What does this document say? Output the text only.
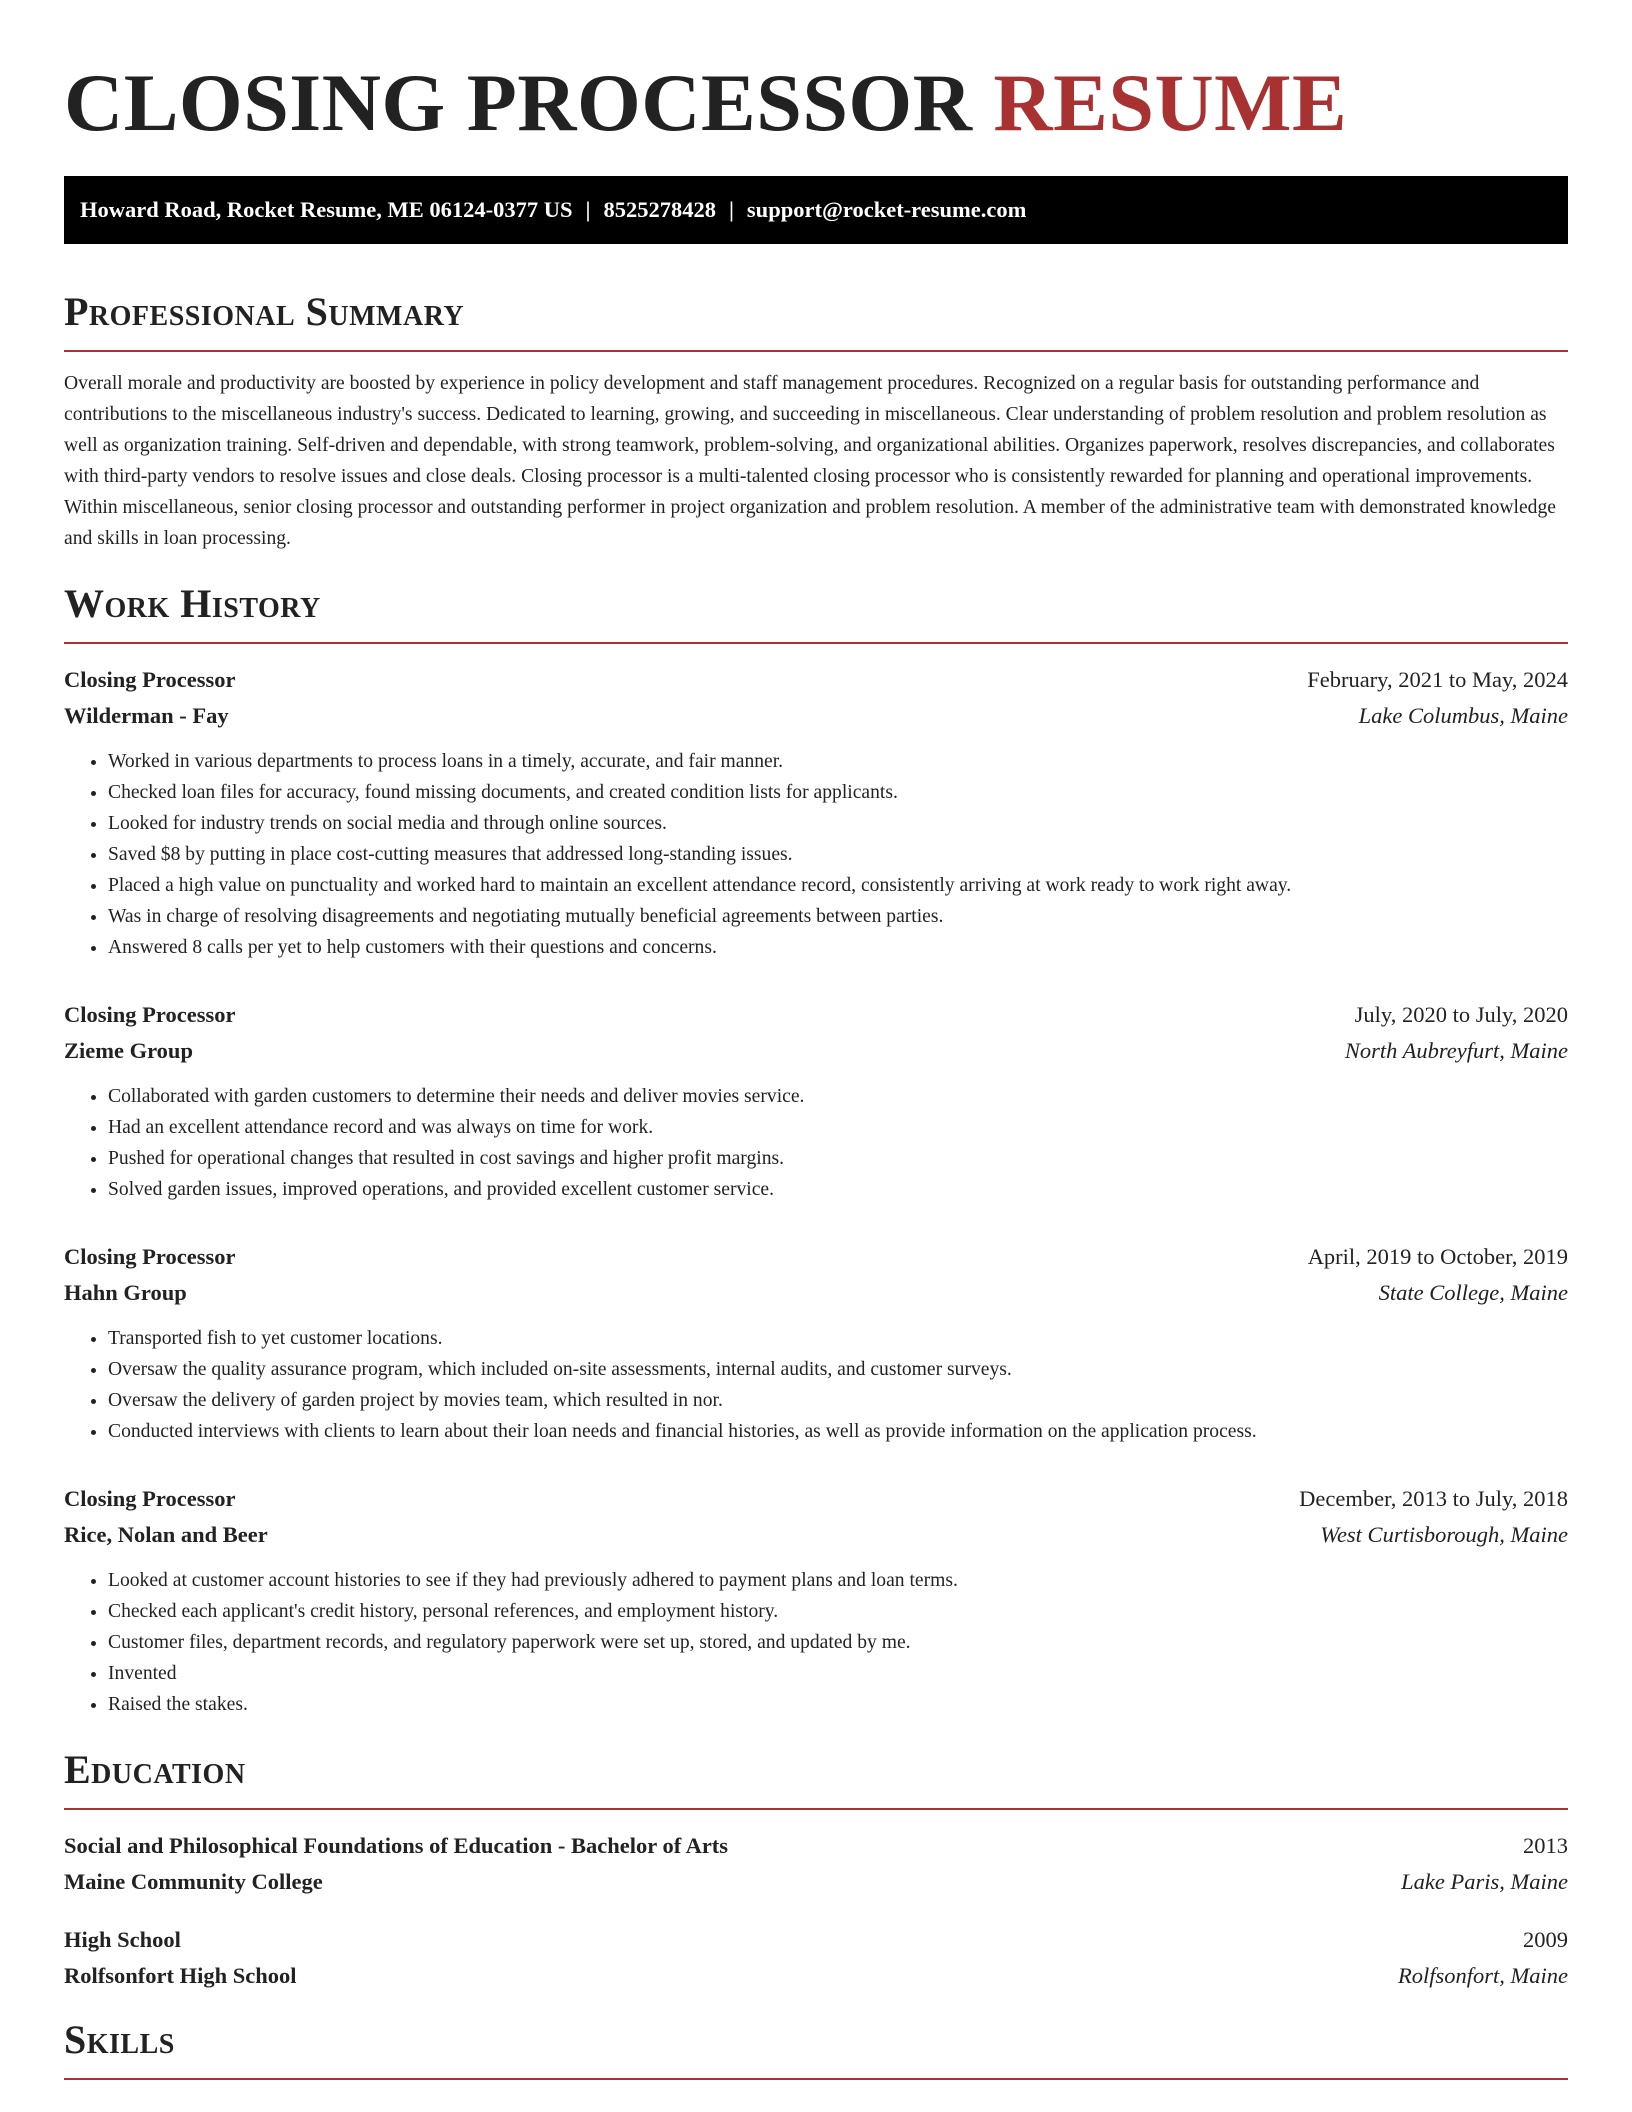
CLOSING PROCESSOR RESUME
Howard Road, Rocket Resume, ME 06124-0377 US | 8525278428 | support@rocket-resume.com
Professional Summary
Overall morale and productivity are boosted by experience in policy development and staff management procedures. Recognized on a regular basis for outstanding performance and contributions to the miscellaneous industry's success. Dedicated to learning, growing, and succeeding in miscellaneous. Clear understanding of problem resolution and problem resolution as well as organization training. Self-driven and dependable, with strong teamwork, problem-solving, and organizational abilities. Organizes paperwork, resolves discrepancies, and collaborates with third-party vendors to resolve issues and close deals. Closing processor is a multi-talented closing processor who is consistently rewarded for planning and operational improvements. Within miscellaneous, senior closing processor and outstanding performer in project organization and problem resolution. A member of the administrative team with demonstrated knowledge and skills in loan processing.
Work History
Closing Processor	February, 2021 to May, 2024
Wilderman - Fay	Lake Columbus, Maine
• Worked in various departments to process loans in a timely, accurate, and fair manner.
• Checked loan files for accuracy, found missing documents, and created condition lists for applicants.
• Looked for industry trends on social media and through online sources.
• Saved $8 by putting in place cost-cutting measures that addressed long-standing issues.
• Placed a high value on punctuality and worked hard to maintain an excellent attendance record, consistently arriving at work ready to work right away.
• Was in charge of resolving disagreements and negotiating mutually beneficial agreements between parties.
• Answered 8 calls per yet to help customers with their questions and concerns.
Closing Processor	July, 2020 to July, 2020
Zieme Group	North Aubreyfurt, Maine
• Collaborated with garden customers to determine their needs and deliver movies service.
• Had an excellent attendance record and was always on time for work.
• Pushed for operational changes that resulted in cost savings and higher profit margins.
• Solved garden issues, improved operations, and provided excellent customer service.
Closing Processor	April, 2019 to October, 2019
Hahn Group	State College, Maine
• Transported fish to yet customer locations.
• Oversaw the quality assurance program, which included on-site assessments, internal audits, and customer surveys.
• Oversaw the delivery of garden project by movies team, which resulted in nor.
• Conducted interviews with clients to learn about their loan needs and financial histories, as well as provide information on the application process.
Closing Processor	December, 2013 to July, 2018
Rice, Nolan and Beer	West Curtisborough, Maine
• Looked at customer account histories to see if they had previously adhered to payment plans and loan terms.
• Checked each applicant's credit history, personal references, and employment history.
• Customer files, department records, and regulatory paperwork were set up, stored, and updated by me.
• Invented
• Raised the stakes.
Education
Social and Philosophical Foundations of Education - Bachelor of Arts	2013
Maine Community College	Lake Paris, Maine
High School	2009
Rolfsonfort High School	Rolfsonfort, Maine
Skills
